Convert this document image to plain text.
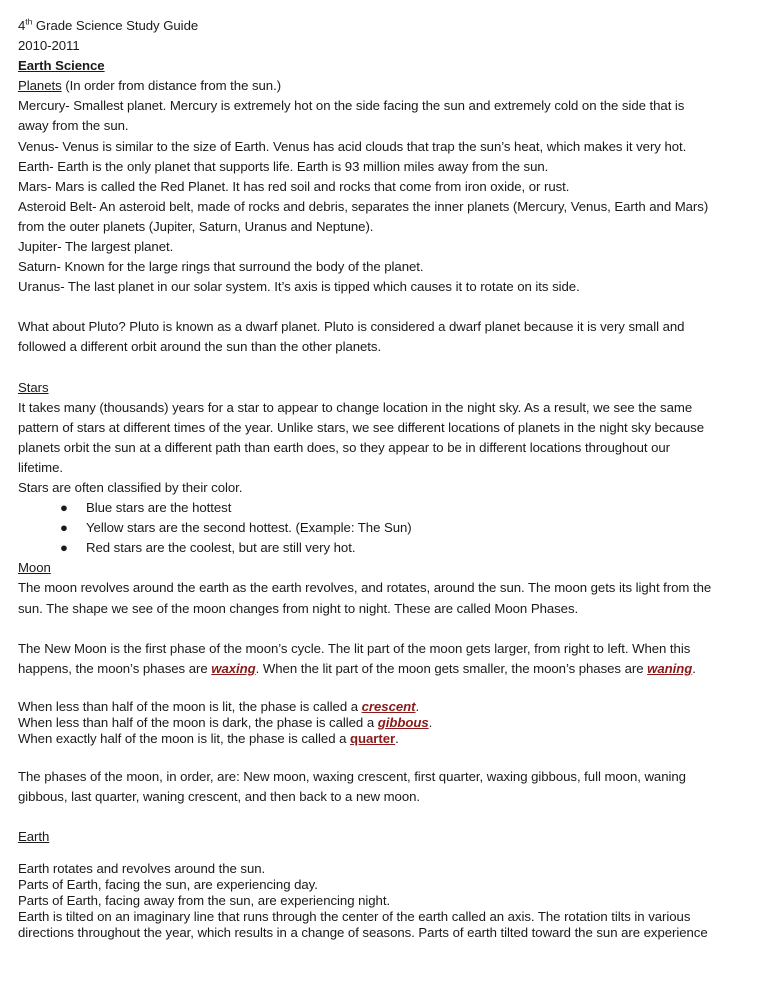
4th Grade Science Study Guide
2010-2011
Earth Science
Planets (In order from distance from the sun.)
Mercury- Smallest planet. Mercury is extremely hot on the side facing the sun and extremely cold on the side that is
away from the sun.
Venus- Venus is similar to the size of Earth. Venus has acid clouds that trap the sun’s heat, which makes it very hot.
Earth- Earth is the only planet that supports life. Earth is 93 million miles away from the sun.
Mars- Mars is called the Red Planet. It has red soil and rocks that come from iron oxide, or rust.
Asteroid Belt- An asteroid belt, made of rocks and debris, separates the inner planets (Mercury, Venus, Earth and Mars)
from the outer planets (Jupiter, Saturn, Uranus and Neptune).
Jupiter- The largest planet.
Saturn- Known for the large rings that surround the body of the planet.
Uranus- The last planet in our solar system. It’s axis is tipped which causes it to rotate on its side.
What about Pluto? Pluto is known as a dwarf planet. Pluto is considered a dwarf planet because it is very small and
followed a different orbit around the sun than the other planets.
Stars
It takes many (thousands) years for a star to appear to change location in the night sky. As a result, we see the same
pattern of stars at different times of the year. Unlike stars, we see different locations of planets in the night sky because
planets orbit the sun at a different path than earth does, so they appear to be in different locations throughout our
lifetime.
Stars are often classified by their color.
● Blue stars are the hottest
● Yellow stars are the second hottest. (Example: The Sun)
● Red stars are the coolest, but are still very hot.
Moon
The moon revolves around the earth as the earth revolves, and rotates, around the sun. The moon gets its light from the
sun. The shape we see of the moon changes from night to night. These are called Moon Phases.
The New Moon is the first phase of the moon’s cycle. The lit part of the moon gets larger, from right to left. When this
happens, the moon’s phases are waxing. When the lit part of the moon gets smaller, the moon’s phases are waning.
When less than half of the moon is lit, the phase is called a crescent.
When less than half of the moon is dark, the phase is called a gibbous.
When exactly half of the moon is lit, the phase is called a quarter.
The phases of the moon, in order, are: New moon, waxing crescent, first quarter, waxing gibbous, full moon, waning
gibbous, last quarter, waning crescent, and then back to a new moon.
Earth
Earth rotates and revolves around the sun.
Parts of Earth, facing the sun, are experiencing day.
Parts of Earth, facing away from the sun, are experiencing night.
Earth is tilted on an imaginary line that runs through the center of the earth called an axis. The rotation tilts in various
directions throughout the year, which results in a change of seasons. Parts of earth tilted toward the sun are experience
